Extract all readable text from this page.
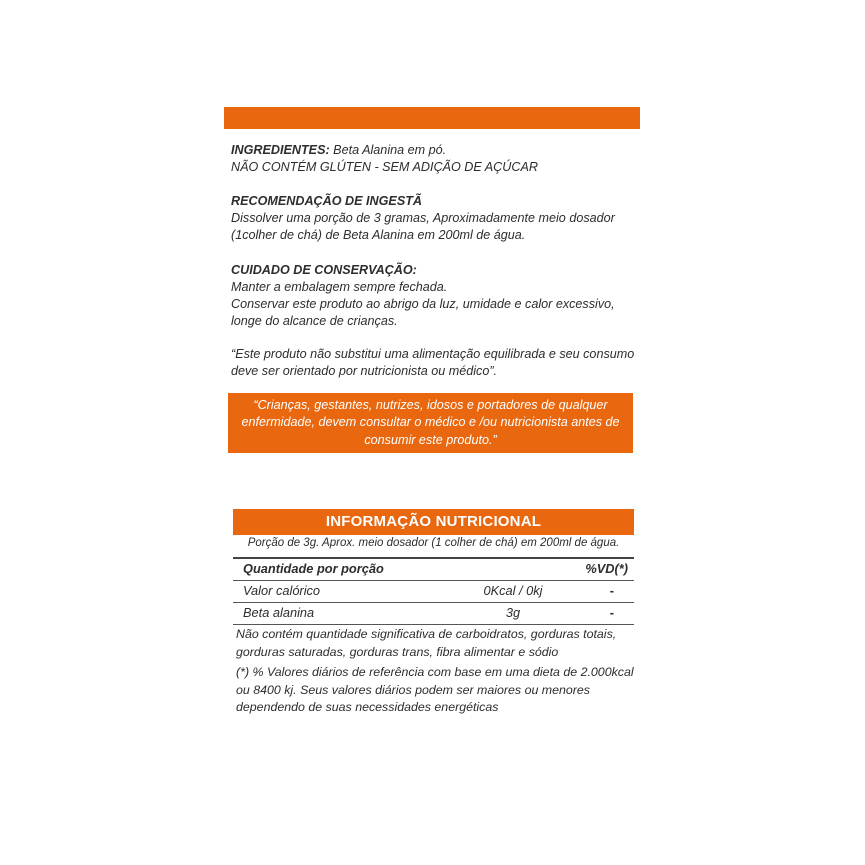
INGREDIENTES: Beta Alanina em pó.
NÃO CONTÉM GLÚTEN - SEM ADIÇÃO DE AÇÚCAR
RECOMENDAÇÃO DE INGESTÃ
Dissolver uma porção de 3 gramas, Aproximadamente meio dosador
(1colher de chá) de Beta Alanina em 200ml de água.
CUIDADO DE CONSERVAÇÃO:
Manter a embalagem sempre fechada.
Conservar este produto ao abrigo da luz, umidade e calor excessivo,
longe do alcance de crianças.
“Este produto não substitui uma alimentação equilibrada e seu consumo
deve ser orientado por nutricionista ou médico”.
“Crianças, gestantes, nutrizes, idosos e portadores de qualquer
enfermidade, devem consultar o médico e /ou nutricionista antes de
consumir este produto.”
INFORMAÇÃO NUTRICIONAL
Porção de 3g. Aprox. meio dosador (1 colher de chá) em 200ml de água.
Quantidade por porção	%VD(*)
Valor calórico	0Kcal / 0kj	-
Beta alanina	3g	-
Não contém quantidade significativa de carboidratos, gorduras totais,
gorduras saturadas, gorduras trans, fibra alimentar e sódio
(*) % Valores diários de referência com base em uma dieta de 2.000kcal
ou 8400 kj. Seus valores diários podem ser maiores ou menores
dependendo de suas necessidades energéticas
